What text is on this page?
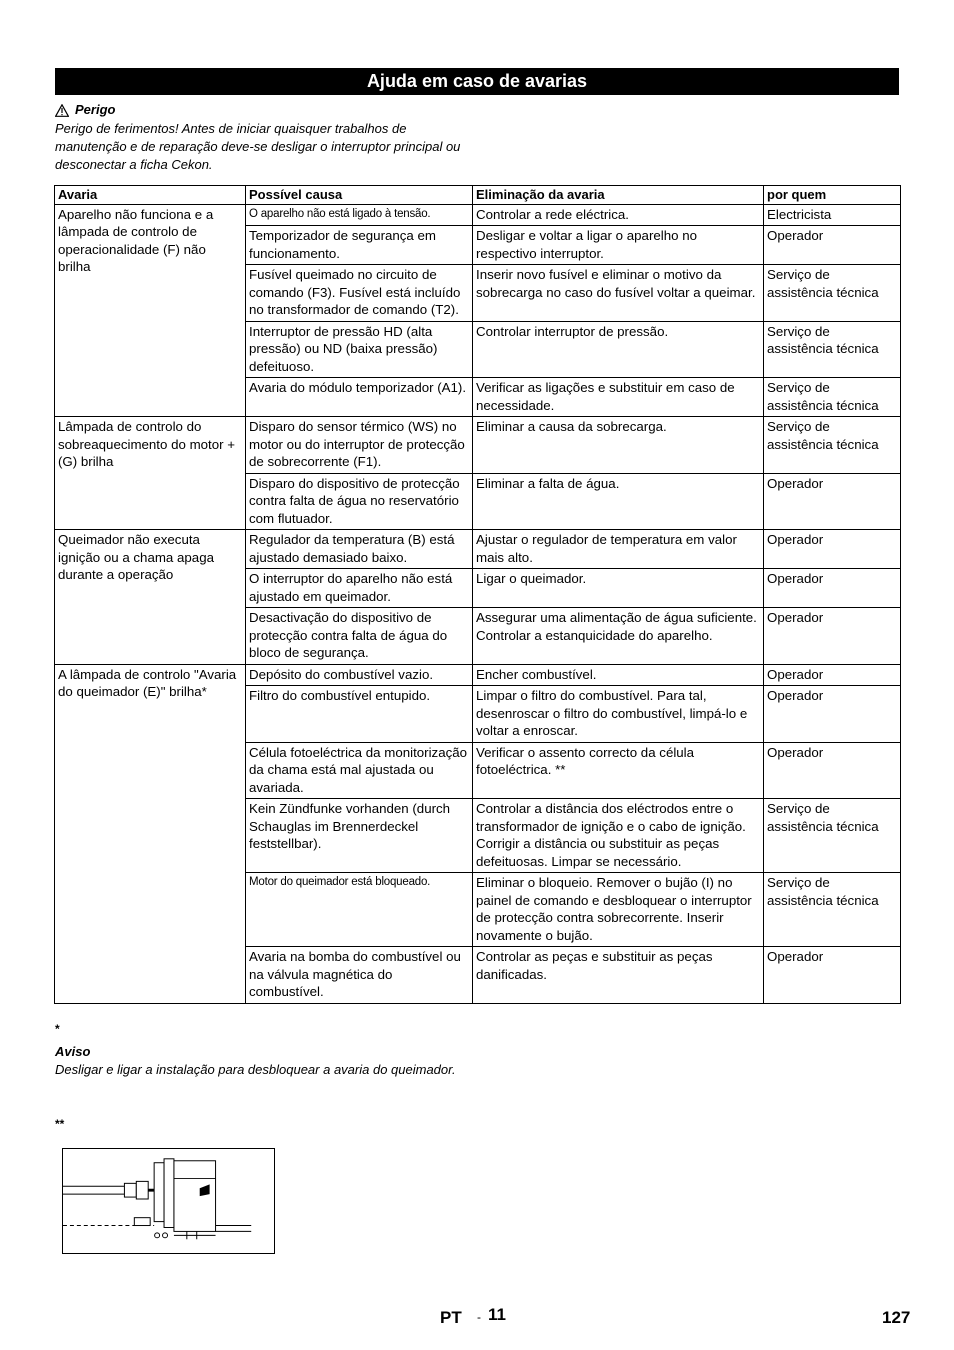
Ajuda em caso de avarias
Perigo
Perigo de ferimentos! Antes de iniciar quaisquer trabalhos de manutenção e de reparação deve-se desligar o interruptor principal ou desconectar a ficha Cekon.
Avaria	Possível causa	Eliminação da avaria	por quem
Aparelho não funciona e a lâmpada de controlo de operacionalidade (F) não brilha	O aparelho não está ligado à tensão.	Controlar a rede eléctrica.	Electricista
	Temporizador de segurança em funcionamento.	Desligar e voltar a ligar o aparelho no respectivo interruptor.	Operador
	Fusível queimado no circuito de comando (F3). Fusível está incluído no transformador de comando (T2).	Inserir novo fusível e eliminar o motivo da sobrecarga no caso do fusível voltar a queimar.	Serviço de assistência técnica
	Interruptor de pressão HD (alta pressão) ou ND (baixa pressão) defeituoso.	Controlar interruptor de pressão.	Serviço de assistência técnica
	Avaria do módulo temporizador (A1).	Verificar as ligações e substituir em caso de necessidade.	Serviço de assistência técnica
Lâmpada de controlo do sobreaquecimento do motor + (G) brilha	Disparo do sensor térmico (WS) no motor ou do interruptor de protecção de sobrecorrente (F1).	Eliminar a causa da sobrecarga.	Serviço de assistência técnica
	Disparo do dispositivo de protecção contra falta de água no reservatório com flutuador.	Eliminar a falta de água.	Operador
Queimador não executa ignição ou a chama apaga durante a operação	Regulador da temperatura (B) está ajustado demasiado baixo.	Ajustar o regulador de temperatura em valor mais alto.	Operador
	O interruptor do aparelho não está ajustado em queimador.	Ligar o queimador.	Operador
	Desactivação do dispositivo de protecção contra falta de água do bloco de segurança.	Assegurar uma alimentação de água suficiente. Controlar a estanquicidade do aparelho.	Operador
A lâmpada de controlo "Avaria do queimador (E)" brilha*	Depósito do combustível vazio.	Encher combustível.	Operador
	Filtro do combustível entupido.	Limpar o filtro do combustível. Para tal, desenroscar o filtro do combustível, limpá-lo e voltar a enroscar.	Operador
	Célula fotoeléctrica da monitorização da chama está mal ajustada ou avariada.	Verificar o assento correcto da célula fotoeléctrica. **	Operador
	Kein Zündfunke vorhanden (durch Schauglas im Brennerdeckel feststellbar).	Controlar a distância dos eléctrodos entre o transformador de ignição e o cabo de ignição. Corrigir a distância ou substituir as peças defeituosas. Limpar se necessário.	Serviço de assistência técnica
	Motor do queimador está bloqueado.	Eliminar o bloqueio. Remover o bujão (I) no painel de comando e desbloquear o interruptor de protecção contra sobrecorrente. Inserir novamente o bujão.	Serviço de assistência técnica
	Avaria na bomba do combustível ou na válvula magnética do combustível.	Controlar as peças e substituir as peças danificadas.	Operador
*
Aviso
Desligar e ligar a instalação para desbloquear a avaria do queimador.
**
PT - 11	127
